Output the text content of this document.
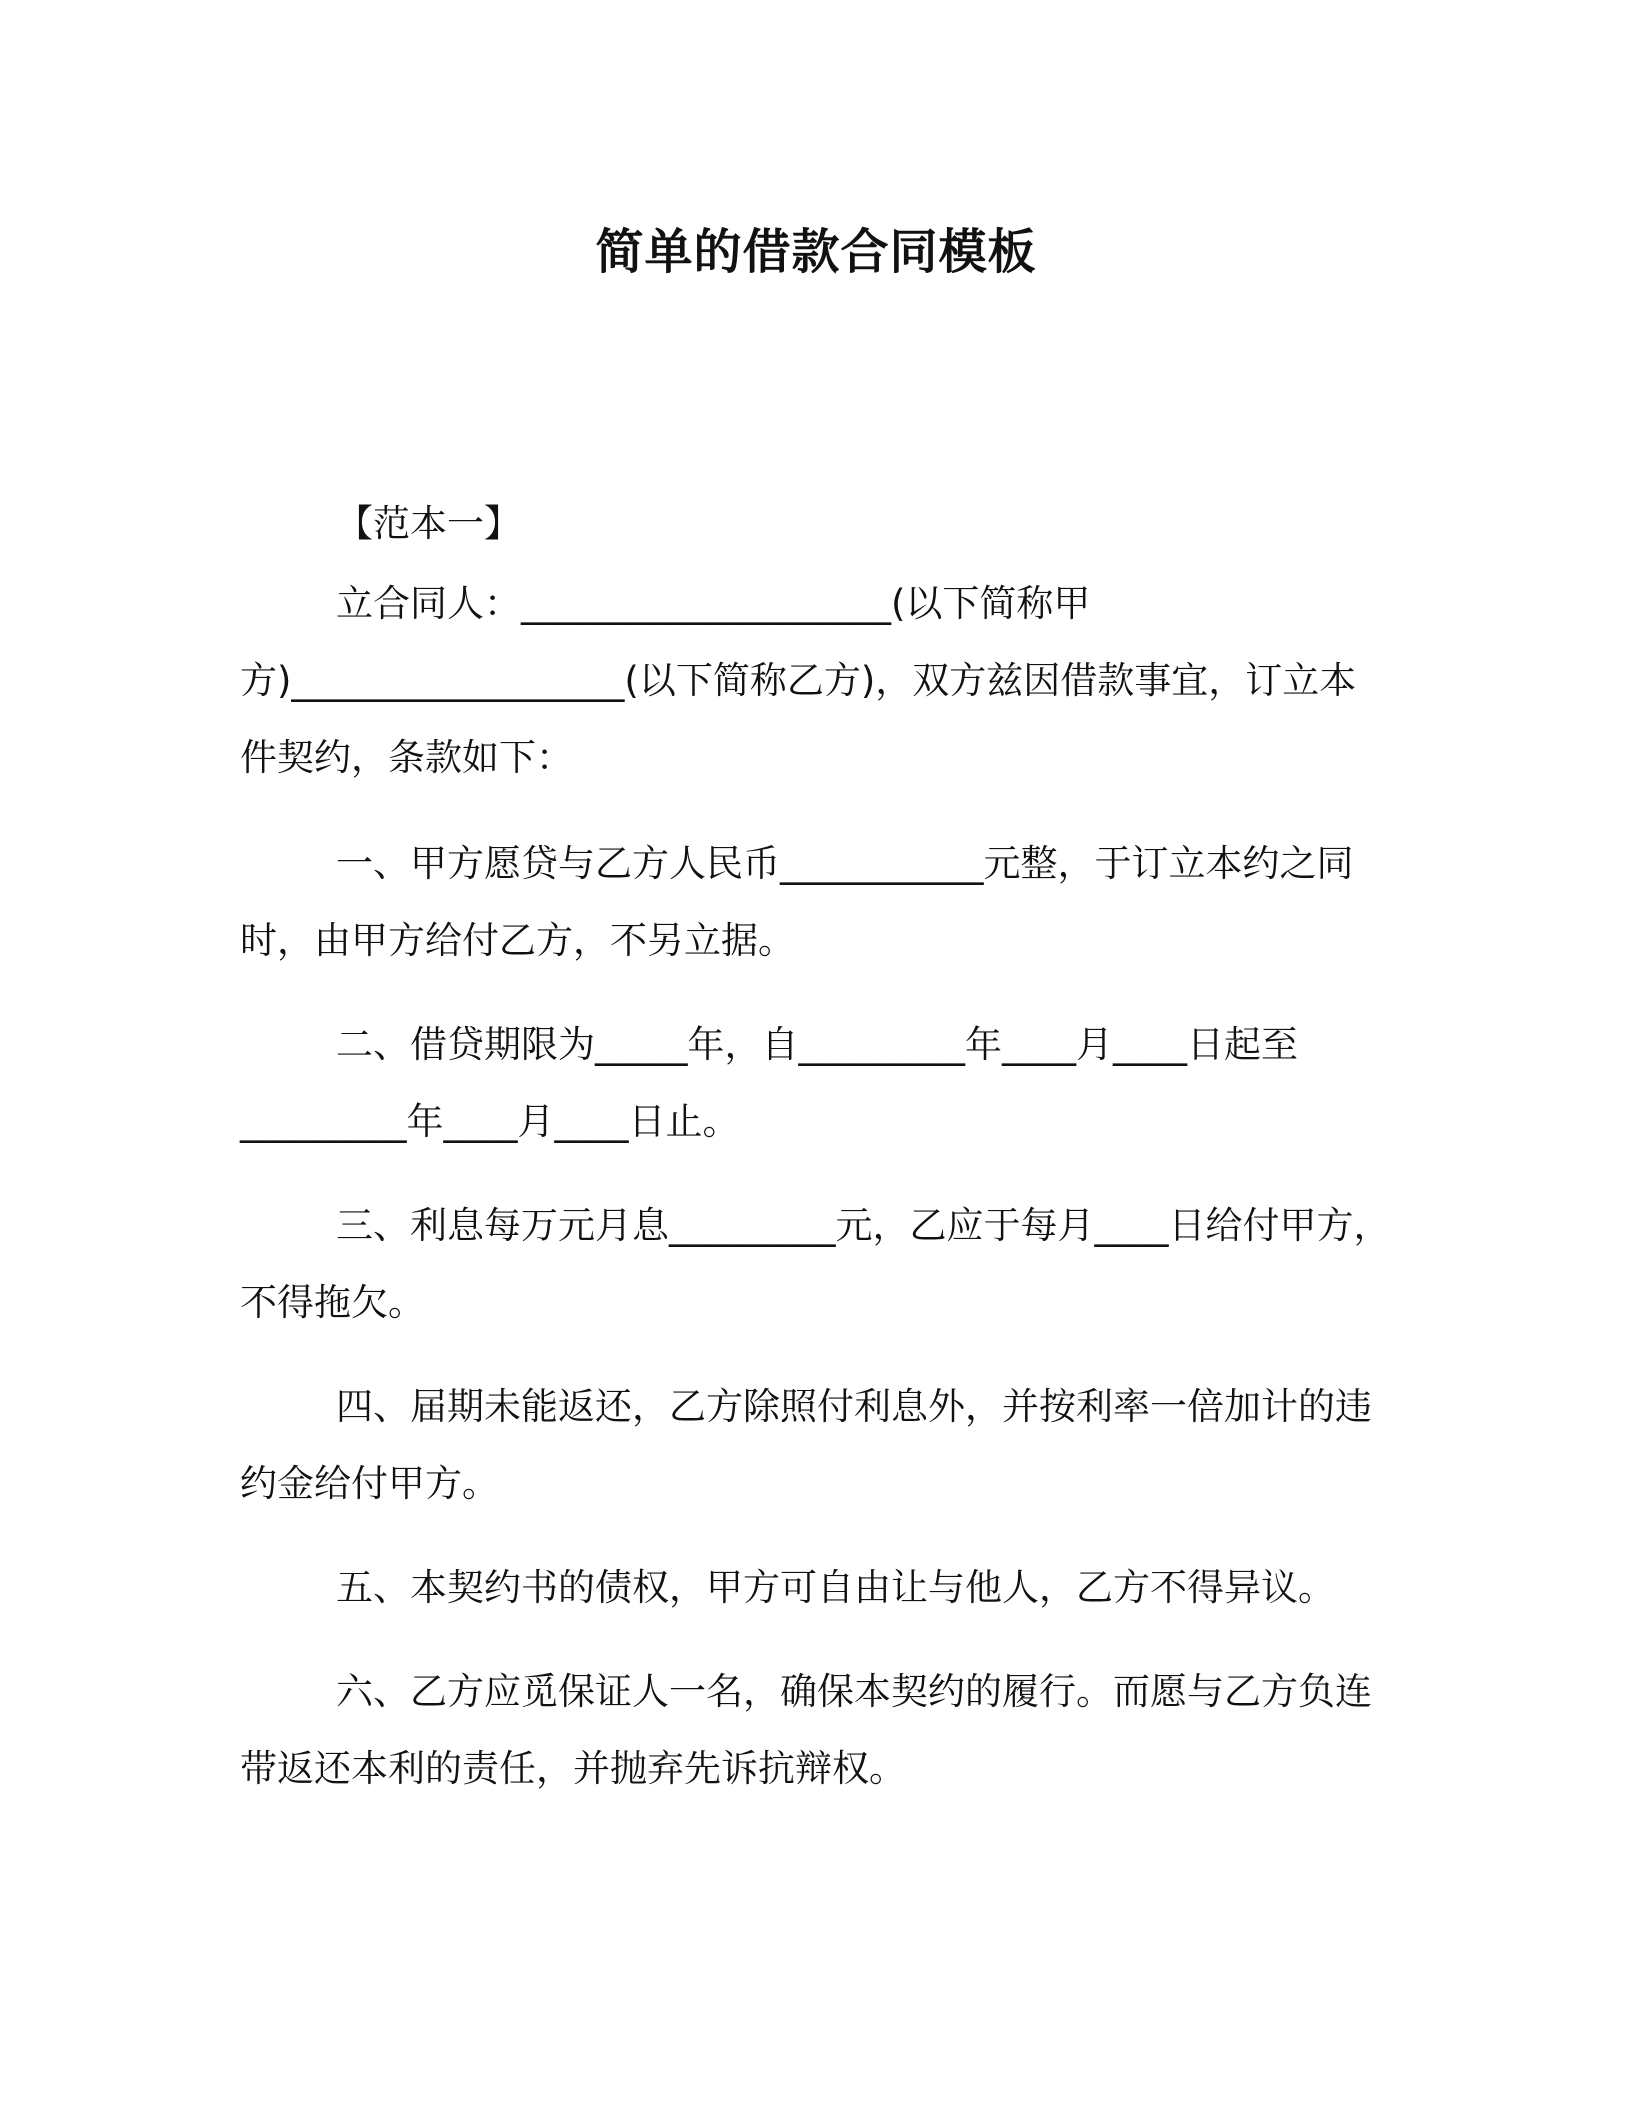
简单的借款合同模板
【范本一】
立合同人：____________________(以下简称甲
方)__________________(以下简称乙方)，双方兹因借款事宜，订立本
件契约，条款如下：
一、甲方愿贷与乙方人民币___________元整，于订立本约之同
时，由甲方给付乙方，不另立据。
二、借贷期限为_____年，自_________年____月____日起至
_________年____月____日止。
三、利息每万元月息_________元，乙应于每月____日给付甲方，
不得拖欠。
四、届期未能返还，乙方除照付利息外，并按利率一倍加计的违
约金给付甲方。
五、本契约书的债权，甲方可自由让与他人，乙方不得异议。
六、乙方应觅保证人一名，确保本契约的履行。而愿与乙方负连
带返还本利的责任，并抛弃先诉抗辩权。
